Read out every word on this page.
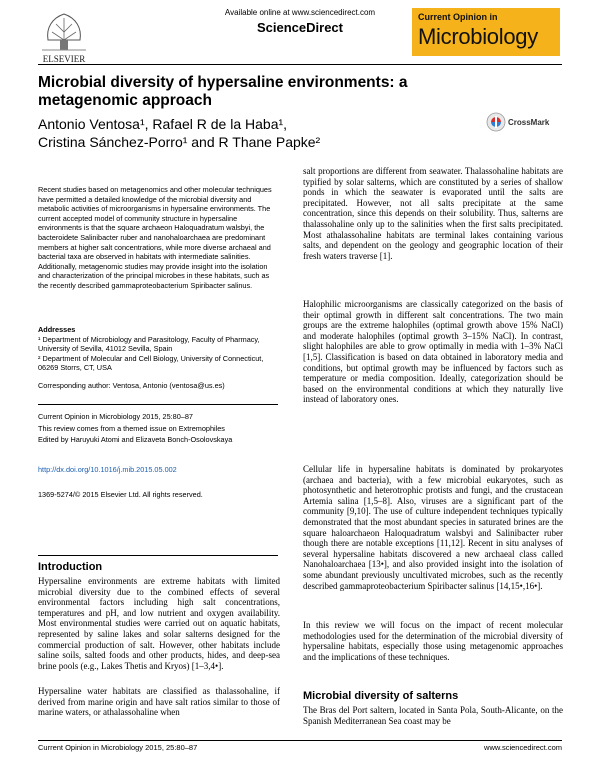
Available online at www.sciencedirect.com
ScienceDirect
ELSEVIER
Current Opinion in
Microbiology
Microbial diversity of hypersaline environments: a metagenomic approach
Antonio Ventosa¹, Rafael R de la Haba¹,
Cristina Sánchez-Porro¹ and R Thane Papke²
CrossMark
Recent studies based on metagenomics and other molecular techniques have permitted a detailed knowledge of the microbial diversity and metabolic activities of microorganisms in hypersaline environments. The current accepted model of community structure in hypersaline environments is that the square archaeon Haloquadratum walsbyi, the bacteroidete Salinibacter ruber and nanohaloarchaea are predominant members at higher salt concentrations, while more diverse archaeal and bacterial taxa are observed in habitats with intermediate salinities. Additionally, metagenomic studies may provide insight into the isolation and characterization of the principal microbes in these habitats, such as the recently described gammaproteobacterium Spiribacter salinus.
Addresses
¹ Department of Microbiology and Parasitology, Faculty of Pharmacy, University of Sevilla, 41012 Sevilla, Spain
² Department of Molecular and Cell Biology, University of Connecticut, 06269 Storrs, CT, USA
Corresponding author: Ventosa, Antonio (ventosa@us.es)
Current Opinion in Microbiology 2015, 25:80–87
This review comes from a themed issue on Extremophiles
Edited by Haruyuki Atomi and Elizaveta Bonch-Osolovskaya
http://dx.doi.org/10.1016/j.mib.2015.05.002
1369-5274/© 2015 Elsevier Ltd. All rights reserved.
Introduction
Hypersaline environments are extreme habitats with limited microbial diversity due to the combined effects of several environmental factors including high salt concentrations, temperatures and pH, and low nutrient and oxygen availability. Most environmental studies were carried out on aquatic habitats, represented by saline lakes and solar salterns designed for the commercial production of salt. However, other habitats include saline soils, salted foods and other products, hides, and deep-sea brine pools (e.g., Lakes Thetis and Kryos) [1–3,4•].
Hypersaline water habitats are classified as thalassohaline, if derived from marine origin and have salt ratios similar to those of marine waters, or athalassohaline when
salt proportions are different from seawater. Thalassohaline habitats are typified by solar salterns, which are constituted by a series of shallow ponds in which the seawater is evaporated until the salts are precipitated. However, not all salts precipitate at the same concentration, since this depends on their solubility. Thus, salterns are thalassohaline only up to the salinities when the first salts precipitated. Most athalassohaline habitats are terminal lakes containing various salts, and dependent on the geology and geographic location of their fresh waters traverse [1].
Halophilic microorganisms are classically categorized on the basis of their optimal growth in different salt concentrations. The two main groups are the extreme halophiles (optimal growth above 15% NaCl) and moderate halophiles (optimal growth 3–15% NaCl). In contrast, slight halophiles are able to grow optimally in media with 1–3% NaCl [1,5]. Classification is based on data obtained in laboratory media and conditions, but optimal growth may be influenced by factors such as temperature or media composition. Ideally, categorization should be based on the environmental conditions at which they naturally live instead of laboratory ones.
Cellular life in hypersaline habitats is dominated by prokaryotes (archaea and bacteria), with a few microbial eukaryotes, such as photosynthetic and heterotrophic protists and fungi, and the crustacean Artemia salina [1,5–8]. Also, viruses are a significant part of the community [9,10]. The use of culture independent techniques typically demonstrated that the most abundant species in saturated brines are the square haloarchaeon Haloquadratum walsbyi and Salinibacter ruber though there are notable exceptions [11,12]. Recent in situ analyses of several hypersaline habitats discovered a new archaeal class called Nanohaloarchaea [13•], and also provided insight into the isolation of some abundant previously uncultivated microbes, such as the recently described gammaproteobacterium Spiribacter salinus [14,15•,16•].
In this review we will focus on the impact of recent molecular methodologies used for the determination of the microbial diversity of hypersaline habitats, especially those using metagenomic approaches and the implications of these techniques.
Microbial diversity of salterns
The Bras del Port saltern, located in Santa Pola, South-Alicante, on the Spanish Mediterranean Sea coast may be
Current Opinion in Microbiology 2015, 25:80–87	www.sciencedirect.com
